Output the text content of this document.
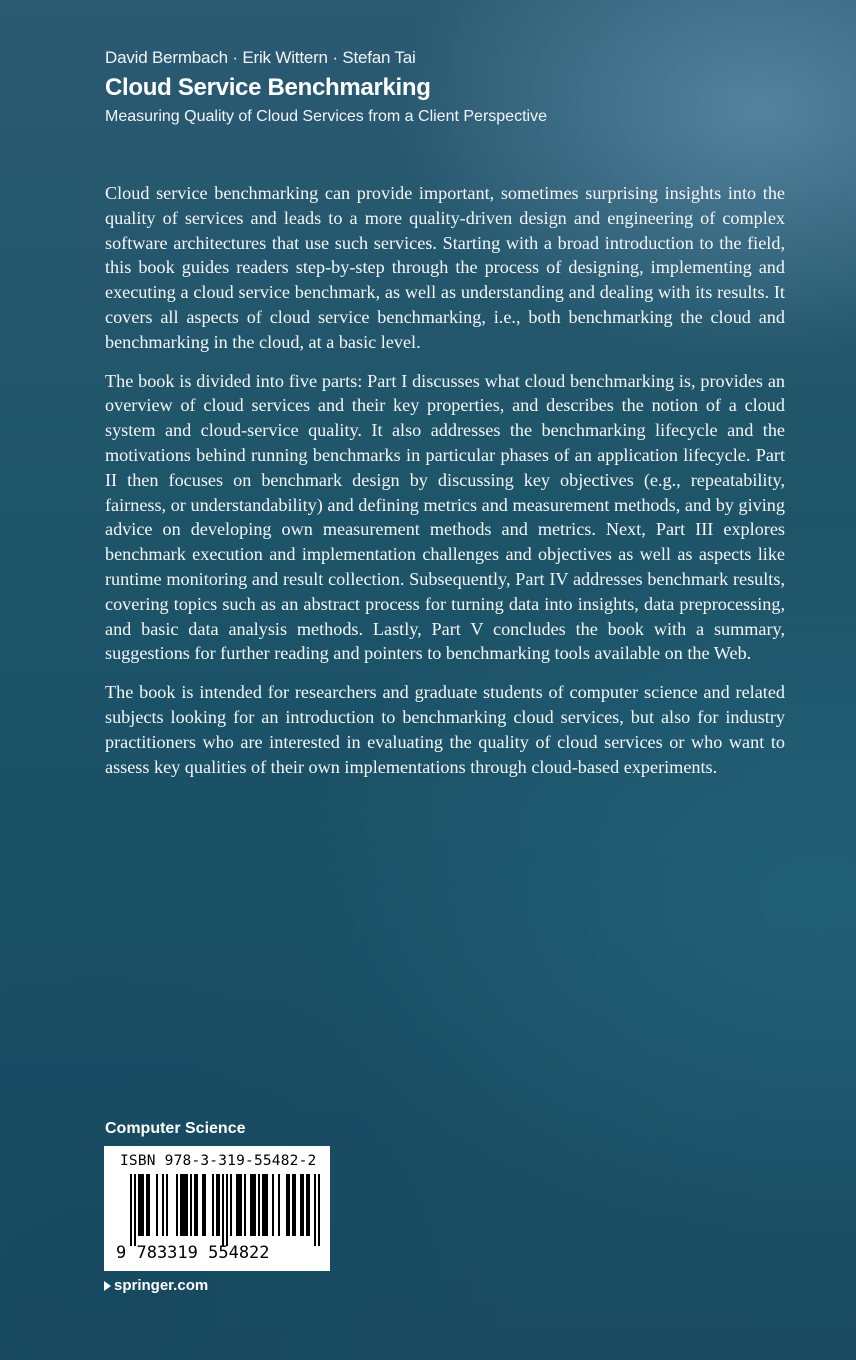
David Bermbach · Erik Wittern · Stefan Tai
Cloud Service Benchmarking
Measuring Quality of Cloud Services from a Client Perspective

Cloud service benchmarking can provide important, sometimes surprising insights into the quality of services and leads to a more quality-driven design and engineering of complex software architectures that use such services. Starting with a broad introduction to the field, this book guides readers step-by-step through the process of designing, implementing and executing a cloud service benchmark, as well as understanding and dealing with its results. It covers all aspects of cloud service benchmarking, i.e., both benchmarking the cloud and benchmarking in the cloud, at a basic level.

The book is divided into five parts: Part I discusses what cloud benchmarking is, provides an overview of cloud services and their key properties, and describes the notion of a cloud system and cloud-service quality. It also addresses the benchmarking lifecycle and the motivations behind running benchmarks in particular phases of an application lifecycle. Part II then focuses on benchmark design by discussing key objectives (e.g., repeatability, fairness, or understandability) and defining metrics and measurement methods, and by giving advice on developing own measurement methods and metrics. Next, Part III explores benchmark execution and implementation challenges and objectives as well as aspects like runtime monitoring and result collection. Subsequently, Part IV addresses benchmark results, covering topics such as an abstract process for turning data into insights, data preprocessing, and basic data analysis methods. Lastly, Part V concludes the book with a summary, suggestions for further reading and pointers to benchmarking tools available on the Web.

The book is intended for researchers and graduate students of computer science and related subjects looking for an introduction to benchmarking cloud services, but also for industry practitioners who are interested in evaluating the quality of cloud services or who want to assess key qualities of their own implementations through cloud-based experiments.

Computer Science
ISBN 978-3-319-55482-2
9 783319 554822
springer.com
